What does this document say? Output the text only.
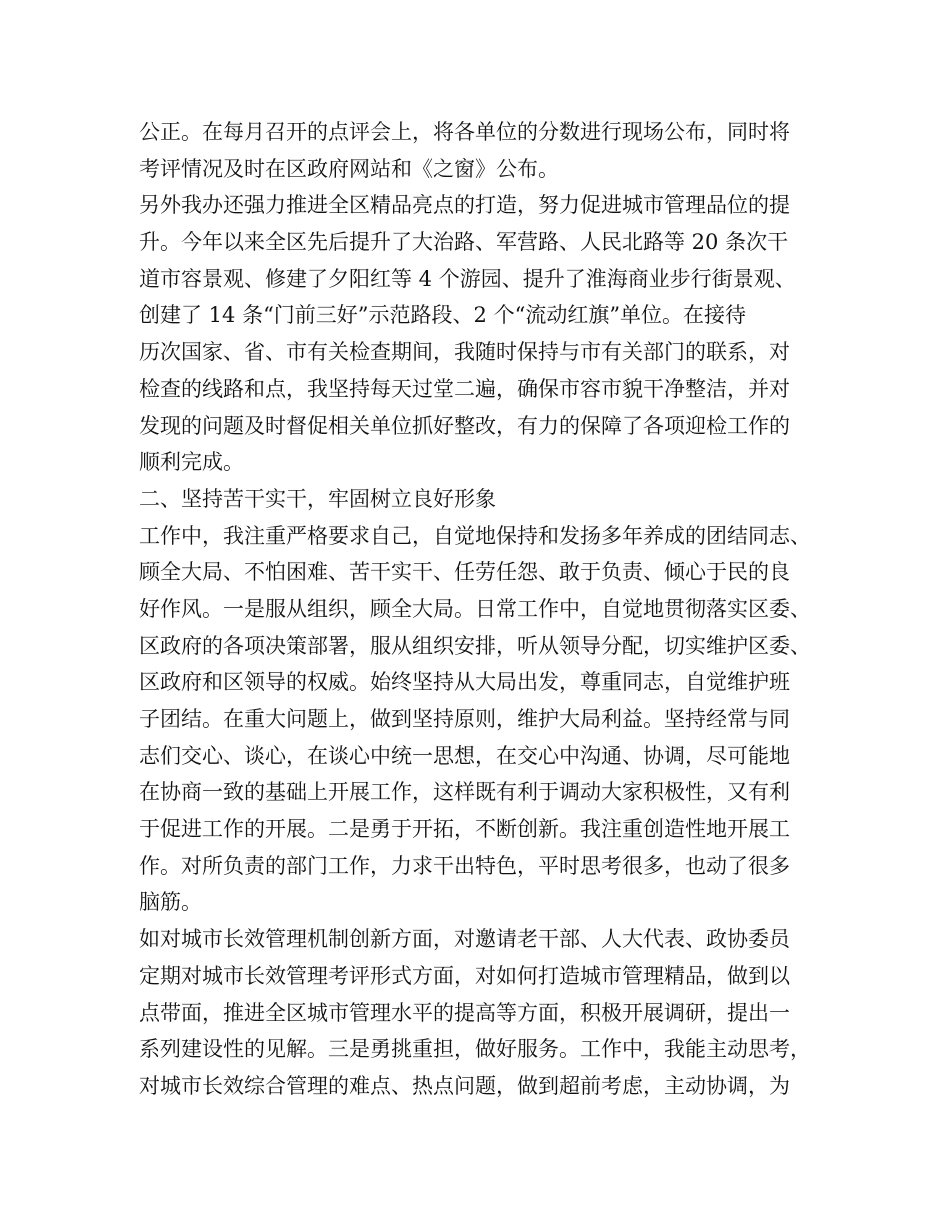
公正。在每月召开的点评会上，将各单位的分数进行现场公布，同时将
考评情况及时在区政府网站和《之窗》公布。
另外我办还强力推进全区精品亮点的打造，努力促进城市管理品位的提
升。今年以来全区先后提升了大治路、军营路、人民北路等 20 条次干
道市容景观、修建了夕阳红等 4 个游园、提升了淮海商业步行街景观、
创建了 14 条“门前三好”示范路段、2 个“流动红旗”单位。在接待
历次国家、省、市有关检查期间，我随时保持与市有关部门的联系，对
检查的线路和点，我坚持每天过堂二遍，确保市容市貌干净整洁，并对
发现的问题及时督促相关单位抓好整改，有力的保障了各项迎检工作的
顺利完成。
二、坚持苦干实干，牢固树立良好形象
工作中，我注重严格要求自己，自觉地保持和发扬多年养成的团结同志、
顾全大局、不怕困难、苦干实干、任劳任怨、敢于负责、倾心于民的良
好作风。一是服从组织，顾全大局。日常工作中，自觉地贯彻落实区委、
区政府的各项决策部署，服从组织安排，听从领导分配，切实维护区委、
区政府和区领导的权威。始终坚持从大局出发，尊重同志，自觉维护班
子团结。在重大问题上，做到坚持原则，维护大局利益。坚持经常与同
志们交心、谈心，在谈心中统一思想，在交心中沟通、协调，尽可能地
在协商一致的基础上开展工作，这样既有利于调动大家积极性，又有利
于促进工作的开展。二是勇于开拓，不断创新。我注重创造性地开展工
作。对所负责的部门工作，力求干出特色，平时思考很多，也动了很多
脑筋。
如对城市长效管理机制创新方面，对邀请老干部、人大代表、政协委员
定期对城市长效管理考评形式方面，对如何打造城市管理精品，做到以
点带面，推进全区城市管理水平的提高等方面，积极开展调研，提出一
系列建设性的见解。三是勇挑重担，做好服务。工作中，我能主动思考，
对城市长效综合管理的难点、热点问题，做到超前考虑，主动协调，为
